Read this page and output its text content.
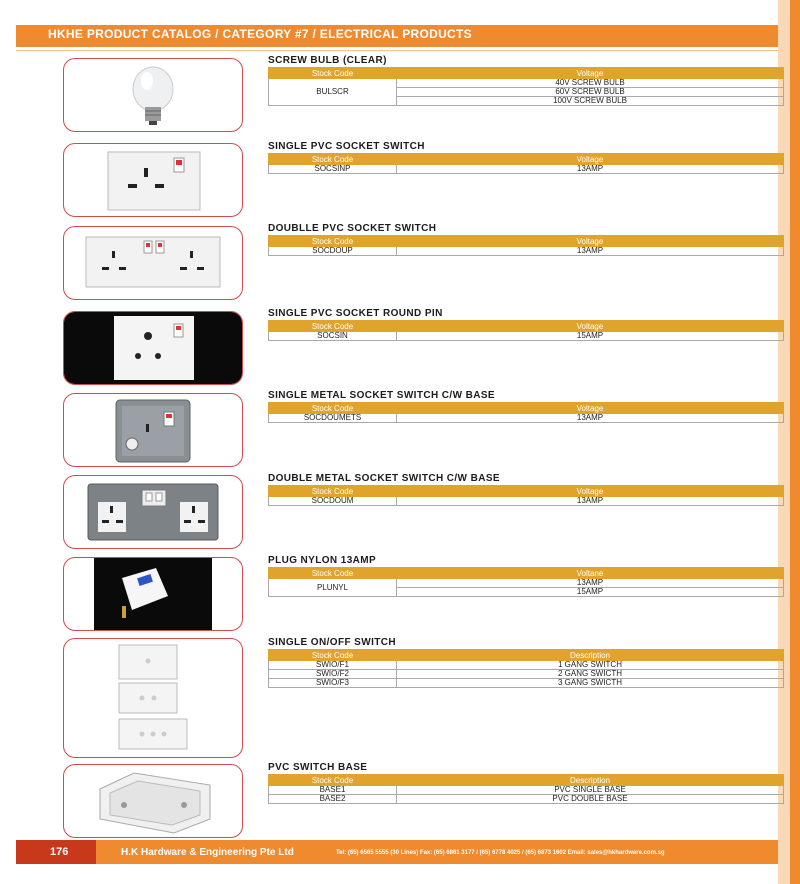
HKHE PRODUCT CATALOG / CATEGORY #7 / ELECTRICAL PRODUCTS
SCREW BULB (CLEAR)
Stock Code	Voltage
BULSCR	40V SCREW BULB
	60V SCREW BULB
	100V SCREW BULB
SINGLE PVC SOCKET SWITCH
Stock Code	Voltage
SOCSINP	13AMP
DOUBLLE PVC SOCKET SWITCH
Stock Code	Voltage
SOCDOUP	13AMP
SINGLE PVC SOCKET ROUND PIN
Stock Code	Voltage
SOCSIN	15AMP
SINGLE METAL SOCKET SWITCH C/W BASE
Stock Code	Voltage
SOCDOUMETS	13AMP
DOUBLE METAL SOCKET SWITCH C/W BASE
Stock Code	Voltage
SOCDOUM	13AMP
PLUG NYLON 13AMP
Stock Code	Voltane
PLUNYL	13AMP
	15AMP
SINGLE ON/OFF SWITCH
Stock Code	Description
SWIO/F1	1 GANG SWITCH
SWIO/F2	2 GANG SWICTH
SWIO/F3	3 GANG SWICTH
PVC SWITCH BASE
Stock Code	Description
BASE1	PVC SINGLE BASE
BASE2	PVC DOUBLE BASE
176	H.K Hardware & Engineering Pte Ltd	Tel: (65) 6565 5555 (30 Lines) Fax: (65) 6861 3177 / (65) 6778 4025 / (65) 6873 1602 Email: sales@hkhardware.com.sg
